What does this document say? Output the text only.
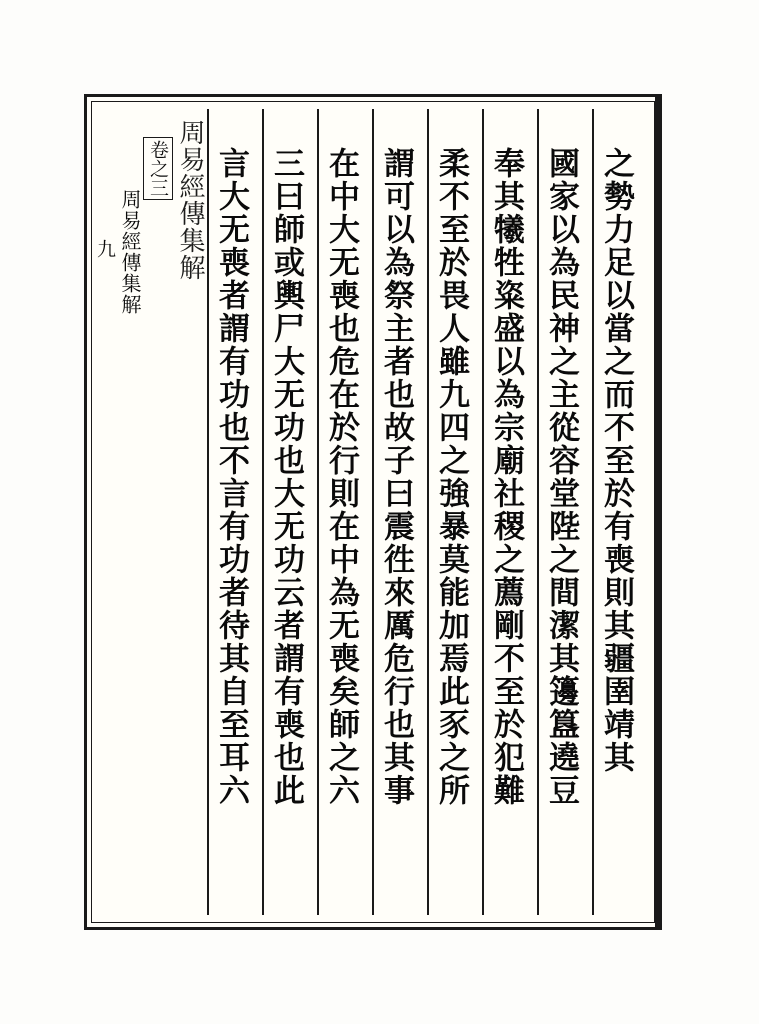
之勢力足以當之而不至於有喪則其疆圉靖其
國家以為民神之主從容堂陛之間潔其籩簋遶豆
奉其犧牲粢盛以為宗廟社稷之薦剛不至於犯難
柔不至於畏人雖九四之強暴莫能加焉此豕之所
謂可以為祭主者也故子曰震徃來厲危行也其事
在中大无喪也危在於行則在中為无喪矣師之六
三曰師或輿尸大无功也大无功云者謂有喪也此
言大无喪者謂有功也不言有功者待其自至耳六
周易經傳集解
卷之三
周易經傳集解
九
